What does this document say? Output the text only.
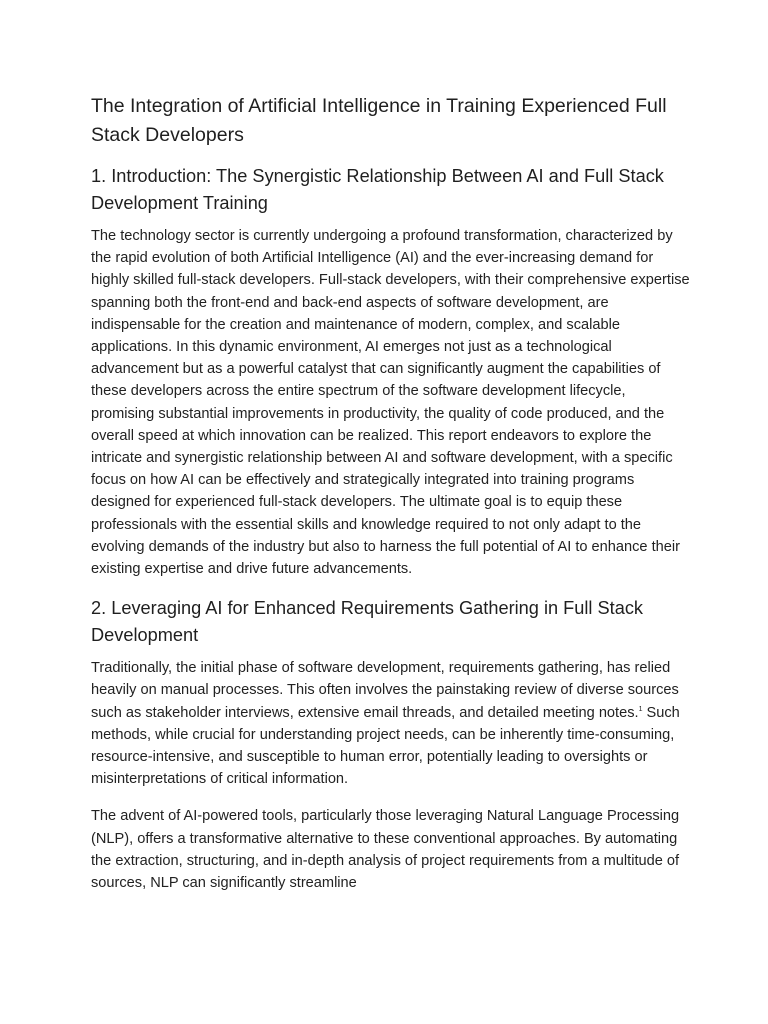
The Integration of Artificial Intelligence in Training Experienced Full Stack Developers
1. Introduction: The Synergistic Relationship Between AI and Full Stack Development Training

The technology sector is currently undergoing a profound transformation, characterized by the rapid evolution of both Artificial Intelligence (AI) and the ever-increasing demand for highly skilled full-stack developers. Full-stack developers, with their comprehensive expertise spanning both the front-end and back-end aspects of software development, are indispensable for the creation and maintenance of modern, complex, and scalable applications. In this dynamic environment, AI emerges not just as a technological advancement but as a powerful catalyst that can significantly augment the capabilities of these developers across the entire spectrum of the software development lifecycle, promising substantial improvements in productivity, the quality of code produced, and the overall speed at which innovation can be realized. This report endeavors to explore the intricate and synergistic relationship between AI and software development, with a specific focus on how AI can be effectively and strategically integrated into training programs designed for experienced full-stack developers. The ultimate goal is to equip these professionals with the essential skills and knowledge required to not only adapt to the evolving demands of the industry but also to harness the full potential of AI to enhance their existing expertise and drive future advancements.

2. Leveraging AI for Enhanced Requirements Gathering in Full Stack Development

Traditionally, the initial phase of software development, requirements gathering, has relied heavily on manual processes. This often involves the painstaking review of diverse sources such as stakeholder interviews, extensive email threads, and detailed meeting notes.$^1$ Such methods, while crucial for understanding project needs, can be inherently time-consuming, resource-intensive, and susceptible to human error, potentially leading to oversights or misinterpretations of critical information.

The advent of AI-powered tools, particularly those leveraging Natural Language Processing (NLP), offers a transformative alternative to these conventional approaches. By automating the extraction, structuring, and in-depth analysis of project requirements from a multitude of sources, NLP can significantly streamline
